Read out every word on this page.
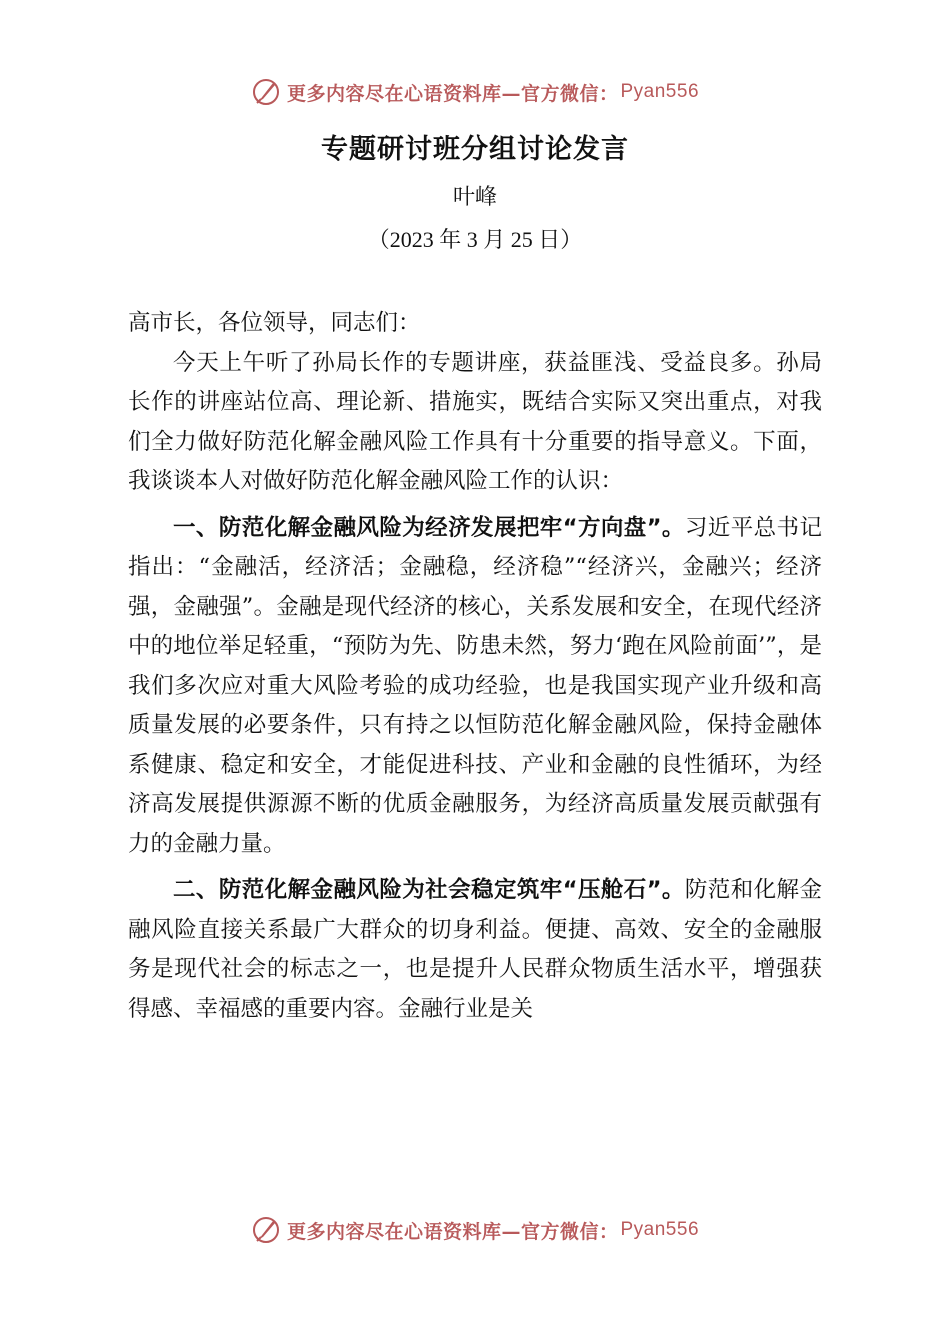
更多内容尽在心语资料库—官方微信： Pyan556
专题研讨班分组讨论发言
叶峰
（2023 年 3 月 25 日）

高市长，各位领导，同志们：

今天上午听了孙局长作的专题讲座，获益匪浅、受益良多。孙局长作的讲座站位高、理论新、措施实，既结合实际又突出重点，对我们全力做好防范化解金融风险工作具有十分重要的指导意义。下面，我谈谈本人对做好防范化解金融风险工作的认识：

一、防范化解金融风险为经济发展把牢“方向盘”。习近平总书记指出：“金融活，经济活；金融稳，经济稳”“经济兴，金融兴；经济强，金融强”。金融是现代经济的核心，关系发展和安全，在现代经济中的地位举足轻重，“预防为先、防患未然，努力‘跑在风险前面’”，是我们多次应对重大风险考验的成功经验，也是我国实现产业升级和高质量发展的必要条件，只有持之以恒防范化解金融风险，保持金融体系健康、稳定和安全，才能促进科技、产业和金融的良性循环，为经济高发展提供源源不断的优质金融服务，为经济高质量发展贡献强有力的金融力量。

二、防范化解金融风险为社会稳定筑牢“压舱石”。防范和化解金融风险直接关系最广大群众的切身利益。便捷、高效、安全的金融服务是现代社会的标志之一，也是提升人民群众物质生活水平，增强获得感、幸福感的重要内容。金融行业是关

更多内容尽在心语资料库—官方微信： Pyan556
